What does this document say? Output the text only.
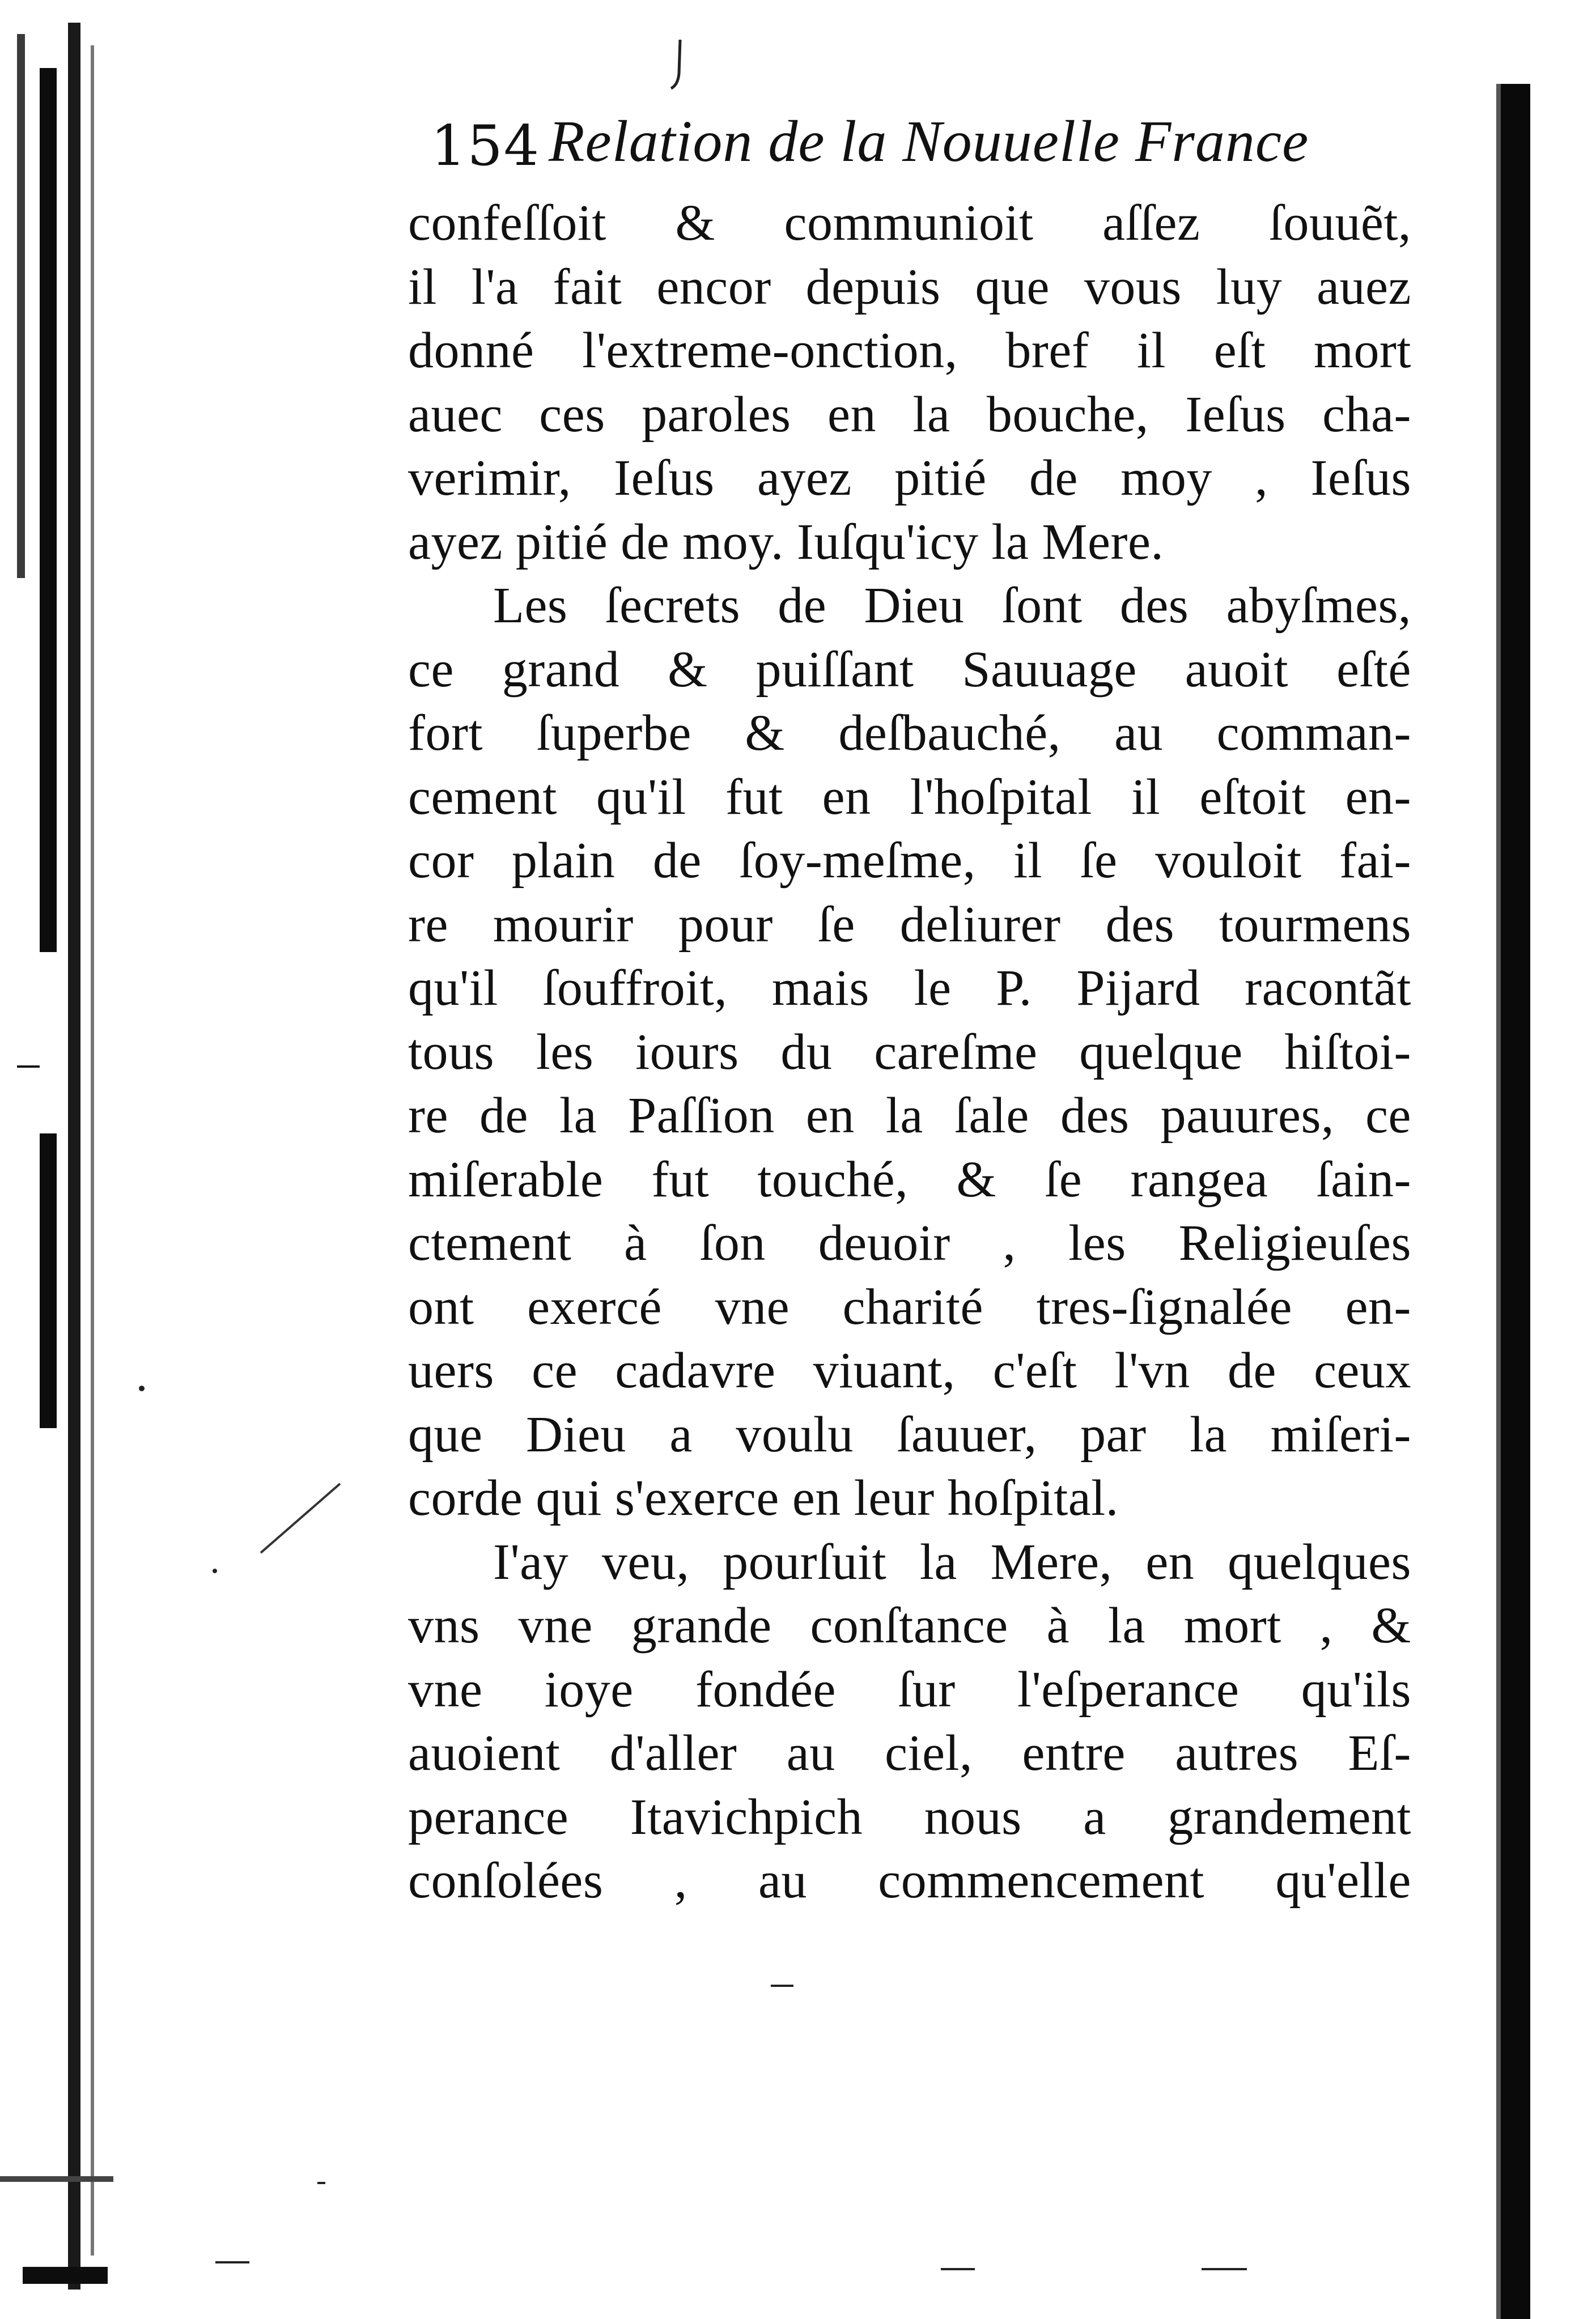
154 Relation de la Nouuelle France
confeſſoit & communioit aſſez ſouuẽt,
il l'a fait encor depuis que vous luy auez
donné l'extreme-onction, bref il eſt mort
auec ces paroles en la bouche, Ieſus cha-
verimir, Ieſus ayez pitié de moy , Ieſus
ayez pitié de moy. Iuſqu'icy la Mere.
Les ſecrets de Dieu ſont des abyſmes,
ce grand & puiſſant Sauuage auoit eſté
fort ſuperbe & deſbauché, au comman-
cement qu'il fut en l'hoſpital il eſtoit en-
cor plain de ſoy-meſme, il ſe vouloit fai-
re mourir pour ſe deliurer des tourmens
qu'il ſouffroit, mais le P. Pijard racontãt
tous les iours du careſme quelque hiſtoi-
re de la Paſſion en la ſale des pauures, ce
miſerable fut touché, & ſe rangea ſain-
ctement à ſon deuoir , les Religieuſes
ont exercé vne charité tres-ſignalée en-
uers ce cadavre viuant, c'eſt l'vn de ceux
que Dieu a voulu ſauuer, par la miſeri-
corde qui s'exerce en leur hoſpital.
I'ay veu, pourſuit la Mere, en quelques
vns vne grande conſtance à la mort , &
vne ioye fondée ſur l'eſperance qu'ils
auoient d'aller au ciel, entre autres Eſ-
perance Itavichpich nous a grandement
conſolées , au commencement qu'elle
